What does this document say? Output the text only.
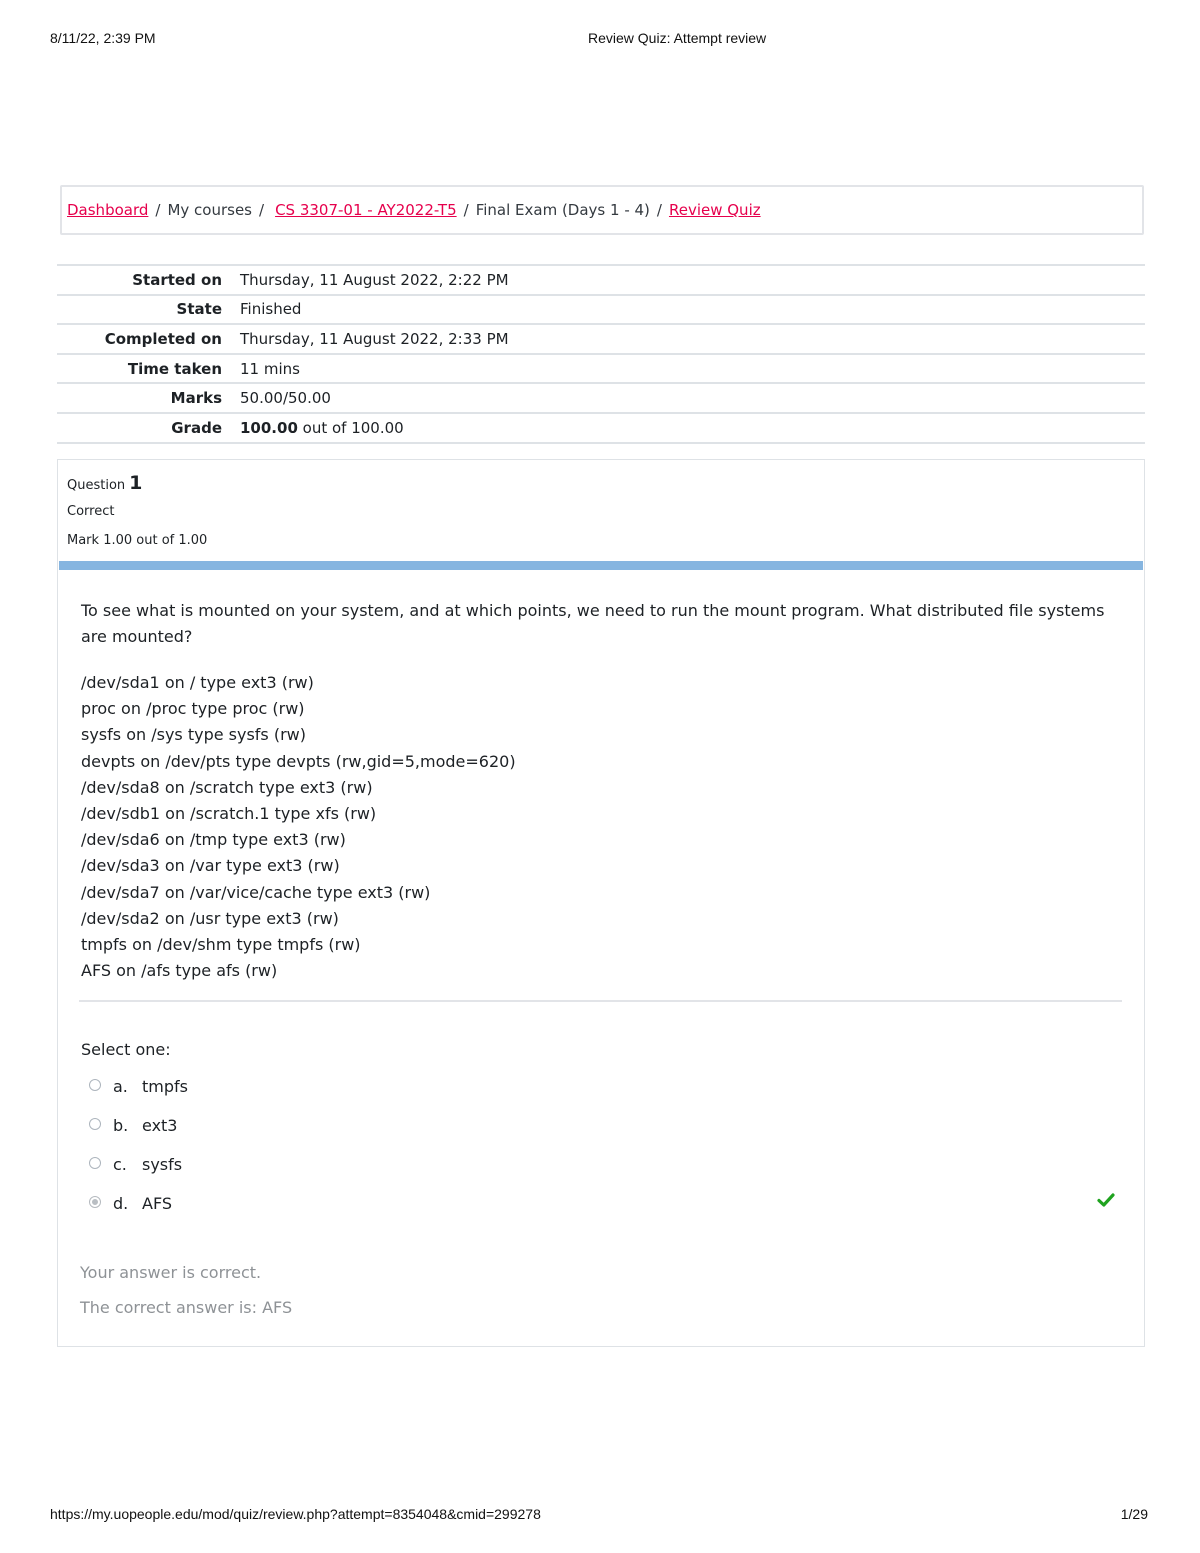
8/11/22, 2:39 PM	Review Quiz: Attempt review
Dashboard / My courses / CS 3307-01 - AY2022-T5 / Final Exam (Days 1 - 4) / Review Quiz
Started on	Thursday, 11 August 2022, 2:22 PM
State	Finished
Completed on	Thursday, 11 August 2022, 2:33 PM
Time taken	11 mins
Marks	50.00/50.00
Grade	100.00 out of 100.00
Question 1
Correct
Mark 1.00 out of 1.00
To see what is mounted on your system, and at which points, we need to run the mount program. What distributed file systems are mounted?
/dev/sda1 on / type ext3 (rw)
proc on /proc type proc (rw)
sysfs on /sys type sysfs (rw)
devpts on /dev/pts type devpts (rw,gid=5,mode=620)
/dev/sda8 on /scratch type ext3 (rw)
/dev/sdb1 on /scratch.1 type xfs (rw)
/dev/sda6 on /tmp type ext3 (rw)
/dev/sda3 on /var type ext3 (rw)
/dev/sda7 on /var/vice/cache type ext3 (rw)
/dev/sda2 on /usr type ext3 (rw)
tmpfs on /dev/shm type tmpfs (rw)
AFS on /afs type afs (rw)
Select one:
a. tmpfs
b. ext3
c. sysfs
d. AFS
Your answer is correct.
The correct answer is: AFS
https://my.uopeople.edu/mod/quiz/review.php?attempt=8354048&cmid=299278	1/29
